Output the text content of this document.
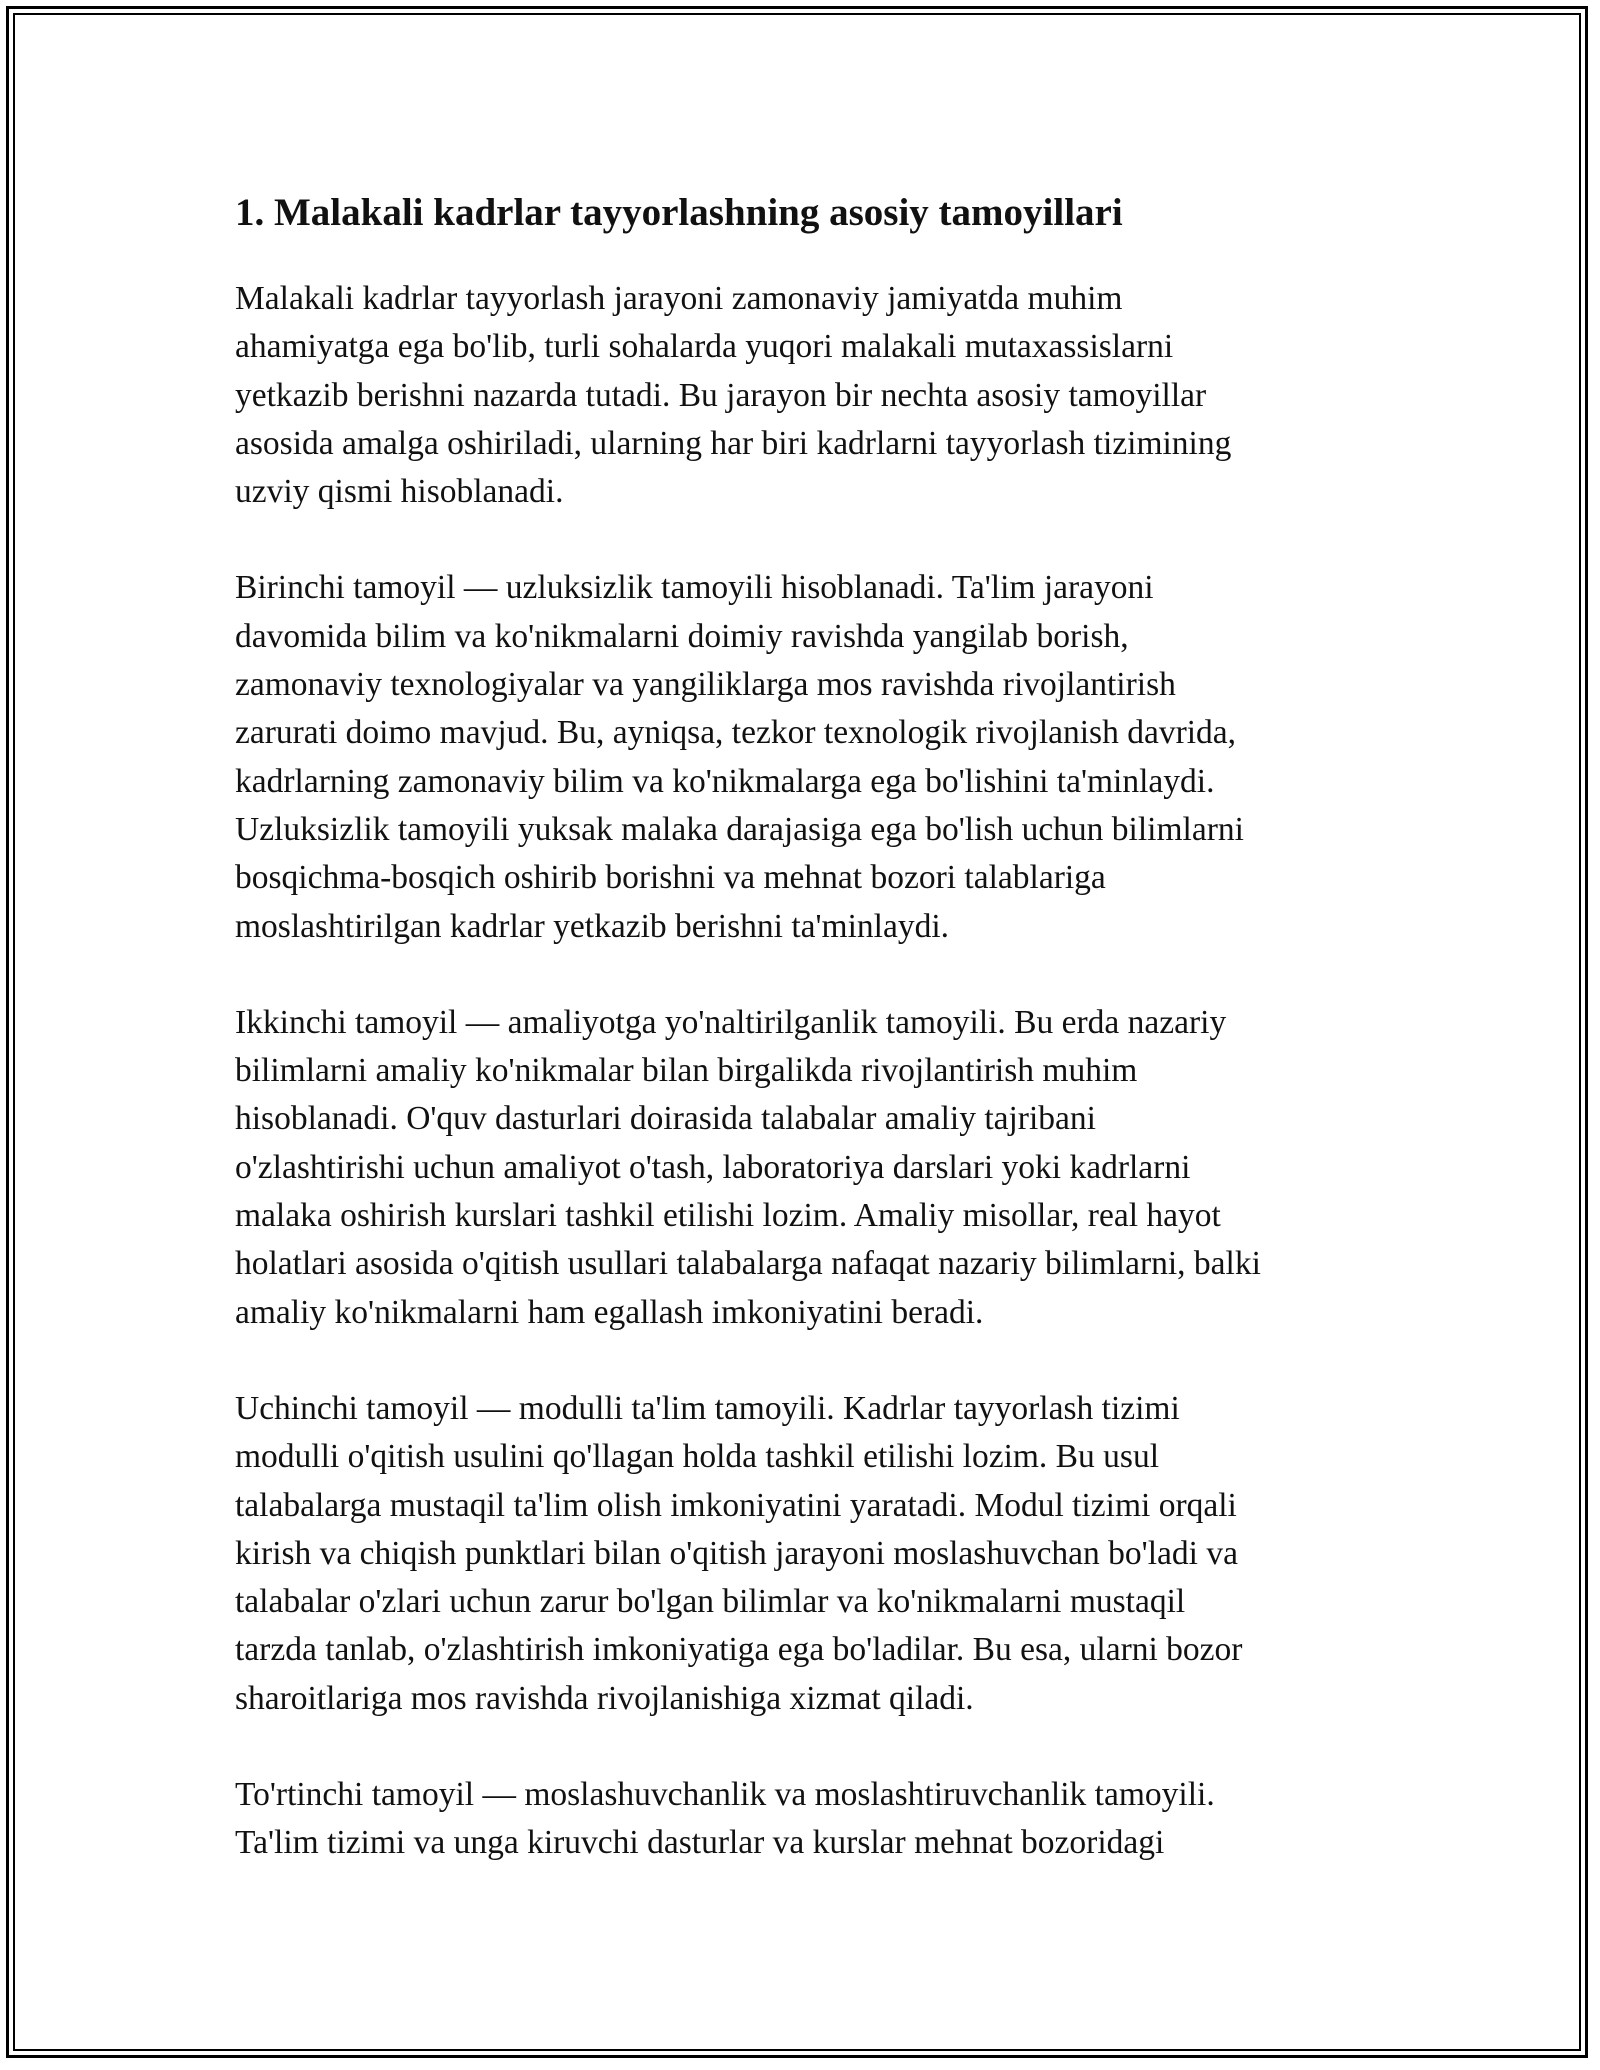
1. Malakali kadrlar tayyorlashning asosiy tamoyillari

Malakali kadrlar tayyorlash jarayoni zamonaviy jamiyatda muhim
ahamiyatga ega bo'lib, turli sohalarda yuqori malakali mutaxassislarni
yetkazib berishni nazarda tutadi. Bu jarayon bir nechta asosiy tamoyillar
asosida amalga oshiriladi, ularning har biri kadrlarni tayyorlash tizimining
uzviy qismi hisoblanadi.

Birinchi tamoyil — uzluksizlik tamoyili hisoblanadi. Ta'lim jarayoni
davomida bilim va ko'nikmalarni doimiy ravishda yangilab borish,
zamonaviy texnologiyalar va yangiliklarga mos ravishda rivojlantirish
zarurati doimo mavjud. Bu, ayniqsa, tezkor texnologik rivojlanish davrida,
kadrlarning zamonaviy bilim va ko'nikmalarga ega bo'lishini ta'minlaydi.
Uzluksizlik tamoyili yuksak malaka darajasiga ega bo'lish uchun bilimlarni
bosqichma-bosqich oshirib borishni va mehnat bozori talablariga
moslashtirilgan kadrlar yetkazib berishni ta'minlaydi.

Ikkinchi tamoyil — amaliyotga yo'naltirilganlik tamoyili. Bu erda nazariy
bilimlarni amaliy ko'nikmalar bilan birgalikda rivojlantirish muhim
hisoblanadi. O'quv dasturlari doirasida talabalar amaliy tajribani
o'zlashtirishi uchun amaliyot o'tash, laboratoriya darslari yoki kadrlarni
malaka oshirish kurslari tashkil etilishi lozim. Amaliy misollar, real hayot
holatlari asosida o'qitish usullari talabalarga nafaqat nazariy bilimlarni, balki
amaliy ko'nikmalarni ham egallash imkoniyatini beradi.

Uchinchi tamoyil — modulli ta'lim tamoyili. Kadrlar tayyorlash tizimi
modulli o'qitish usulini qo'llagan holda tashkil etilishi lozim. Bu usul
talabalarga mustaqil ta'lim olish imkoniyatini yaratadi. Modul tizimi orqali
kirish va chiqish punktlari bilan o'qitish jarayoni moslashuvchan bo'ladi va
talabalar o'zlari uchun zarur bo'lgan bilimlar va ko'nikmalarni mustaqil
tarzda tanlab, o'zlashtirish imkoniyatiga ega bo'ladilar. Bu esa, ularni bozor
sharoitlariga mos ravishda rivojlanishiga xizmat qiladi.

To'rtinchi tamoyil — moslashuvchanlik va moslashtiruvchanlik tamoyili.
Ta'lim tizimi va unga kiruvchi dasturlar va kurslar mehnat bozoridagi
